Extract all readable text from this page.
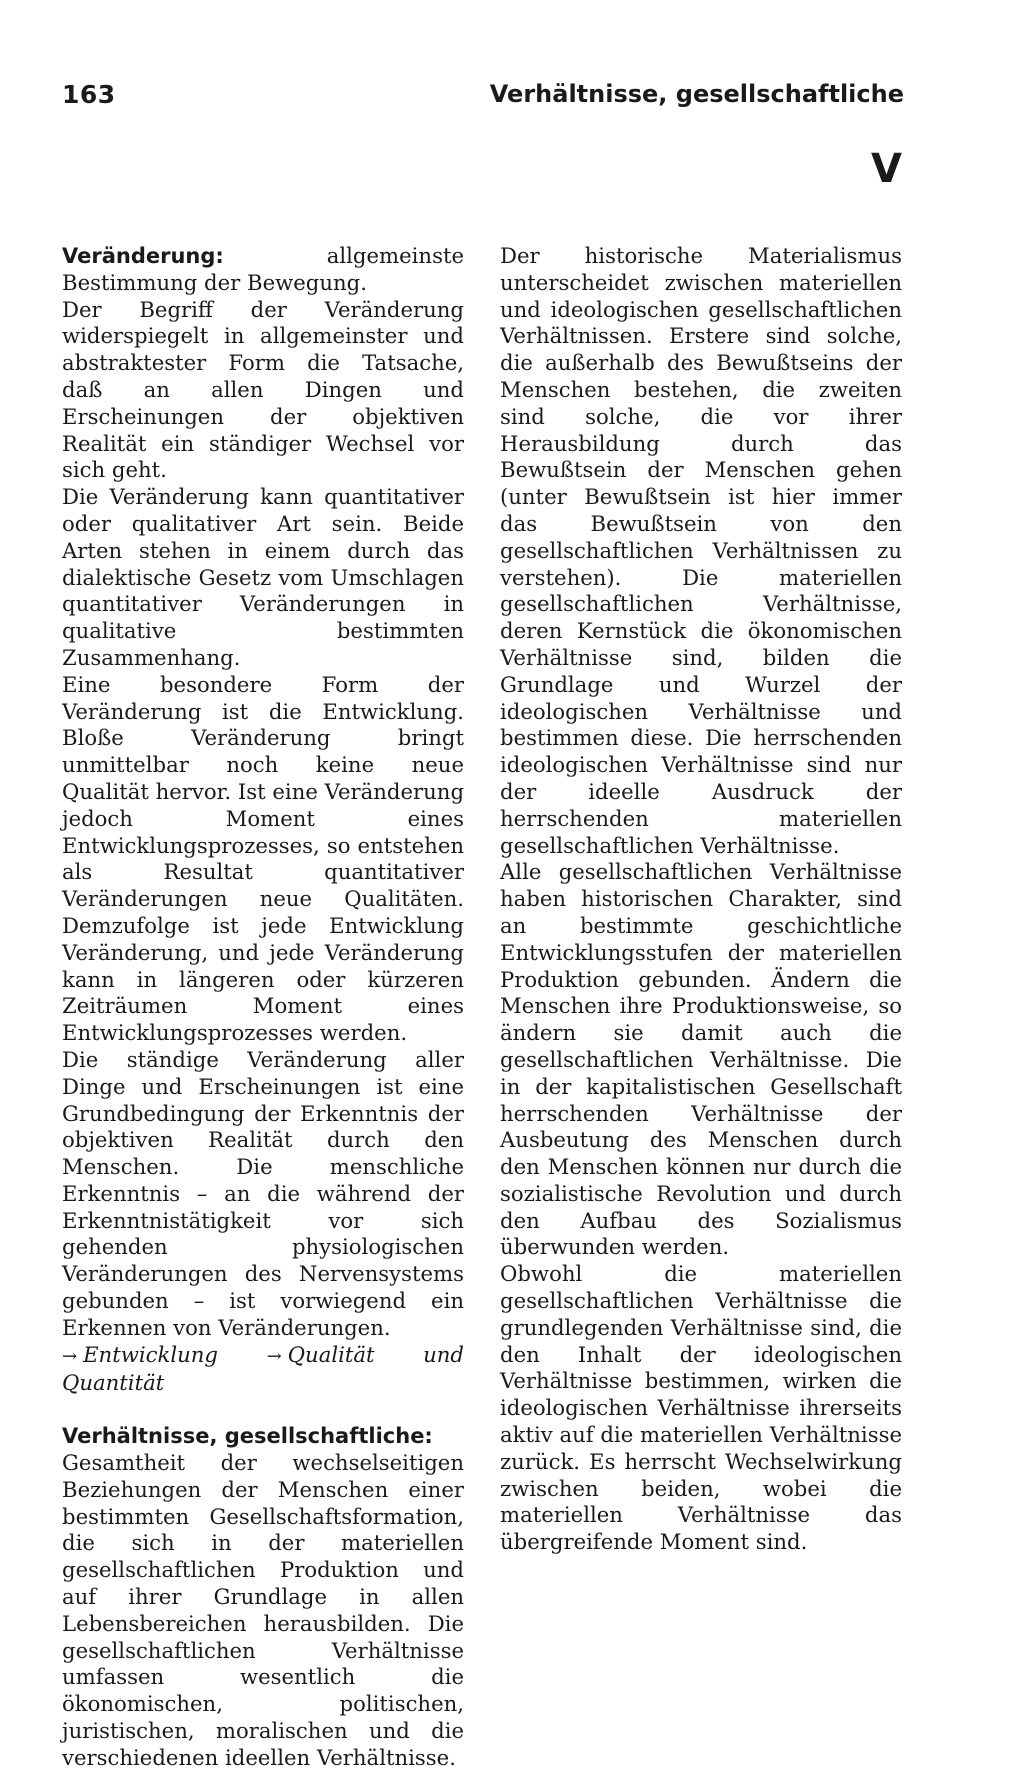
163	Verhältnisse, gesellschaftliche
V

Veränderung:	allgemeinste Bestimmung der Bewegung.

Der Begriff der Veränderung widerspiegelt in allgemeinster und abstraktester Form die Tatsache, daß an allen Dingen und Erscheinungen der objektiven Realität ein ständiger Wechsel vor sich geht.

Die Veränderung kann quantitativer oder qualitativer Art sein. Beide Arten stehen in einem durch das dialektische Gesetz vom Umschlagen quantitativer Veränderungen in qualitative bestimmten Zusammenhang.

Eine besondere Form der Veränderung ist die Entwicklung. Bloße Veränderung bringt unmittelbar noch keine neue Qualität hervor. Ist eine Veränderung jedoch Moment eines Entwicklungsprozesses, so entstehen als Resultat quantitativer Veränderungen neue Qualitäten. Demzufolge ist jede Entwicklung Veränderung, und jede Veränderung kann in längeren oder kürzeren Zeiträumen Moment eines Entwicklungsprozesses werden.

Die ständige Veränderung aller Dinge und Erscheinungen ist eine Grundbedingung der Erkenntnis der objektiven Realität durch den Menschen. Die menschliche Erkenntnis – an die während der Erkenntnistätigkeit vor sich gehenden physiologischen Veränderungen des Nervensystems gebunden – ist vorwiegend ein Erkennen von Veränderungen.

→ Entwicklung	→ Qualität und Quantität

Verhältnisse, gesellschaftliche:
Gesamtheit der wechselseitigen Beziehungen der Menschen einer bestimmten Gesellschaftsformation, die sich in der materiellen gesellschaftlichen Produktion und auf ihrer Grundlage in allen Lebensbereichen herausbilden. Die gesellschaftlichen Verhältnisse umfassen wesentlich die ökonomischen, politischen, juristischen, moralischen und die verschiedenen ideellen Verhältnisse.

Der historische Materialismus unterscheidet zwischen materiellen und ideologischen gesellschaftlichen Verhältnissen. Erstere sind solche, die außerhalb des Bewußtseins der Menschen bestehen, die zweiten sind solche, die vor ihrer Herausbildung durch das Bewußtsein der Menschen gehen (unter Bewußtsein ist hier immer das Bewußtsein von den gesellschaftlichen Verhältnissen zu verstehen). Die materiellen gesellschaftlichen Verhältnisse, deren Kernstück die ökonomischen Verhältnisse sind, bilden die Grundlage und Wurzel der ideologischen Verhältnisse und bestimmen diese. Die herrschenden ideologischen Verhältnisse sind nur der ideelle Ausdruck der herrschenden materiellen gesellschaftlichen Verhältnisse.

Alle gesellschaftlichen Verhältnisse haben historischen Charakter, sind an bestimmte geschichtliche Entwicklungsstufen der materiellen Produktion gebunden. Ändern die Menschen ihre Produktionsweise, so ändern sie damit auch die gesellschaftlichen Verhältnisse. Die in der kapitalistischen Gesellschaft herrschenden Verhältnisse der Ausbeutung des Menschen durch den Menschen können nur durch die sozialistische Revolution und durch den Aufbau des Sozialismus überwunden werden.

Obwohl die materiellen gesellschaftlichen Verhältnisse die grundlegenden Verhältnisse sind, die den Inhalt der ideologischen Verhältnisse bestimmen, wirken die ideologischen Verhältnisse ihrerseits aktiv auf die materiellen Verhältnisse zurück. Es herrscht Wechselwirkung zwischen beiden, wobei die materiellen Verhältnisse das übergreifende Moment sind.
